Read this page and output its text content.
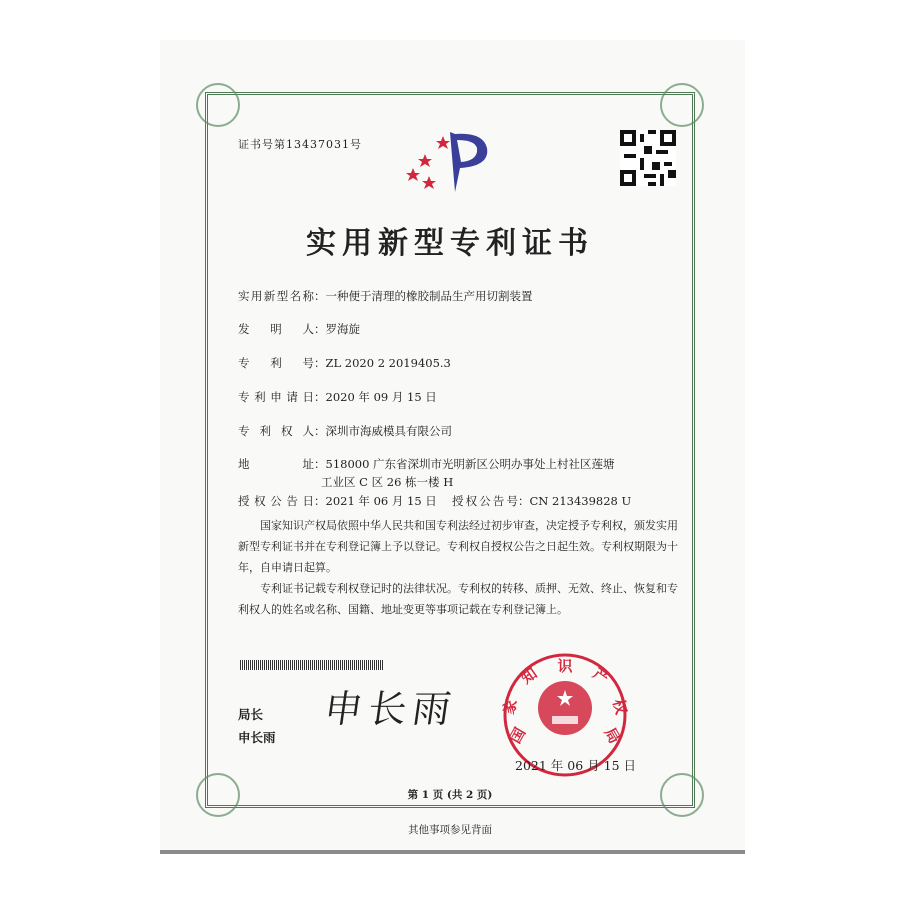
证书号第13437031号
实用新型专利证书
实用新型名称：一种便于清理的橡胶制品生产用切割装置
发明人：罗海旋
专利号：ZL 2020 2 2019405.3
专利申请日：2020 年 09 月 15 日
专利权人：深圳市海威模具有限公司
地址：518000 广东省深圳市光明新区公明办事处上村社区莲塘
工业区 C 区 26 栋一楼 H
授权公告日：2021 年 06 月 15 日 授权公告号：CN 213439828 U

国家知识产权局依照中华人民共和国专利法经过初步审查，决定授予专利权，颁发实用新型专利证书并在专利登记簿上予以登记。专利权自授权公告之日起生效。专利权期限为十年，自申请日起算。

专利证书记载专利权登记时的法律状况。专利权的转移、质押、无效、终止、恢复和专利权人的姓名或名称、国籍、地址变更等事项记载在专利登记簿上。

局长
申长雨
申长雨
国
家
知 识 产
权
局
2021 年 06 月 15 日
第 1 页 (共 2 页)
其他事项参见背面
